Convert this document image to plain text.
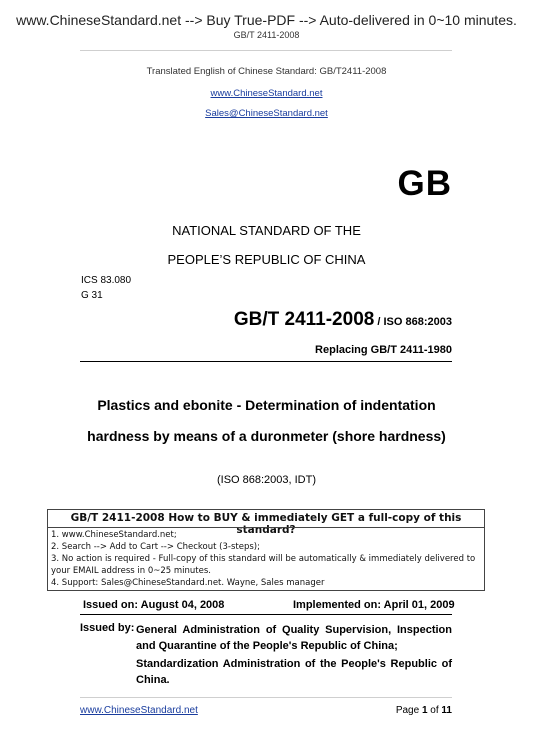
www.ChineseStandard.net --> Buy True-PDF --> Auto-delivered in 0~10 minutes.
GB/T 2411-2008
Translated English of Chinese Standard: GB/T2411-2008
www.ChineseStandard.net
Sales@ChineseStandard.net
GB
NATIONAL STANDARD OF THE
PEOPLE’S REPUBLIC OF CHINA
ICS 83.080
G 31
GB/T 2411-2008 / ISO 868:2003
Replacing GB/T 2411-1980
Plastics and ebonite - Determination of indentation
hardness by means of a duronmeter (shore hardness)
(ISO 868:2003, IDT)
GB/T 2411-2008 How to BUY & immediately GET a full-copy of this standard?
1. www.ChineseStandard.net;
2. Search --> Add to Cart --> Checkout (3-steps);
3. No action is required - Full-copy of this standard will be automatically & immediately delivered to
your EMAIL address in 0~25 minutes.
4. Support: Sales@ChineseStandard.net. Wayne, Sales manager
Issued on: August 04, 2008	Implemented on: April 01, 2009
Issued by: General Administration of Quality Supervision, Inspection and Quarantine of the People's Republic of China;
Standardization Administration of the People's Republic of China.
www.ChineseStandard.net	Page 1 of 11
